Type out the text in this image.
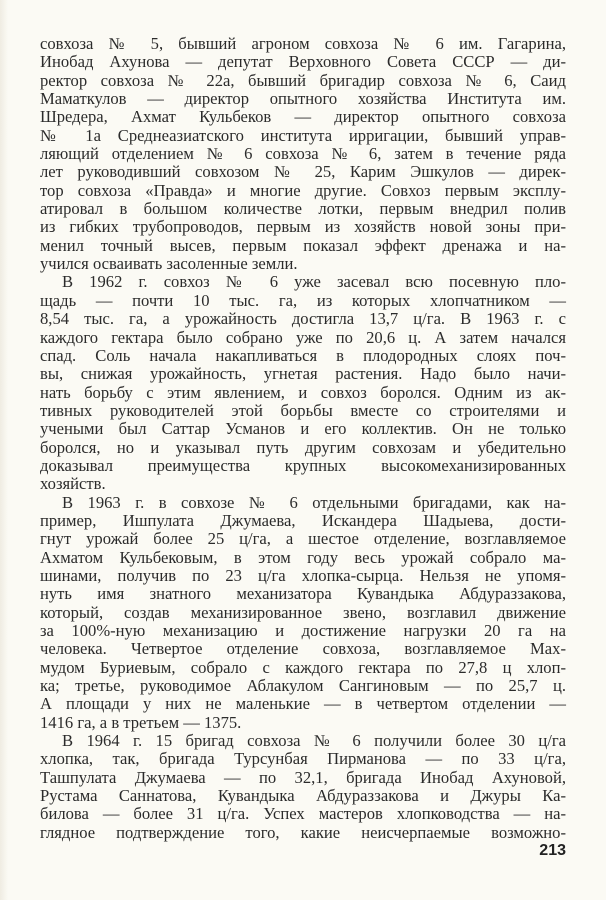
совхоза № 5, бывший агроном совхоза № 6 им. Гагарина,
Инобад Ахунова — депутат Верховного Совета СССР — ди-
ректор совхоза № 22а, бывший бригадир совхоза № 6, Саид
Маматкулов — директор опытного хозяйства Института им.
Шредера, Ахмат Кульбеков — директор опытного совхоза
№ 1а Среднеазиатского института ирригации, бывший управ-
ляющий отделением № 6 совхоза № 6, затем в течение ряда
лет руководивший совхозом № 25, Карим Эшкулов — дирек-
тор совхоза «Правда» и многие другие. Совхоз первым эксплу-
атировал в большом количестве лотки, первым внедрил полив
из гибких трубопроводов, первым из хозяйств новой зоны при-
менил точный высев, первым показал эффект дренажа и на-
учился осваивать засоленные земли.
В 1962 г. совхоз № 6 уже засевал всю посевную пло-
щадь — почти 10 тыс. га, из которых хлопчатником —
8,54 тыс. га, а урожайность достигла 13,7 ц/га. В 1963 г. с
каждого гектара было собрано уже по 20,6 ц. А затем начался
спад. Соль начала накапливаться в плодородных слоях поч-
вы, снижая урожайность, угнетая растения. Надо было начи-
нать борьбу с этим явлением, и совхоз боролся. Одним из ак-
тивных руководителей этой борьбы вместе со строителями и
учеными был Саттар Усманов и его коллектив. Он не только
боролся, но и указывал путь другим совхозам и убедительно
доказывал преимущества крупных высокомеханизированных
хозяйств.
В 1963 г. в совхозе № 6 отдельными бригадами, как на-
пример, Ишпулата Джумаева, Искандера Шадыева, дости-
гнут урожай более 25 ц/га, а шестое отделение, возглавляемое
Ахматом Кульбековым, в этом году весь урожай собрало ма-
шинами, получив по 23 ц/га хлопка-сырца. Нельзя не упомя-
нуть имя знатного механизатора Кувандыка Абдураззакова,
который, создав механизированное звено, возглавил движение
за 100%-ную механизацию и достижение нагрузки 20 га на
человека. Четвертое отделение совхоза, возглавляемое Мах-
мудом Буриевым, собрало с каждого гектара по 27,8 ц хлоп-
ка; третье, руководимое Аблакулом Сангиновым — по 25,7 ц.
А площади у них не маленькие — в четвертом отделении —
1416 га, а в третьем — 1375.
В 1964 г. 15 бригад совхоза № 6 получили более 30 ц/га
хлопка, так, бригада Турсунбая Пирманова — по 33 ц/га,
Ташпулата Джумаева — по 32,1, бригада Инобад Ахуновой,
Рустама Саннатова, Кувандыка Абдураззакова и Джуры Ка-
билова — более 31 ц/га. Успех мастеров хлопководства — на-
глядное подтверждение того, какие неисчерпаемые возможно-
213
